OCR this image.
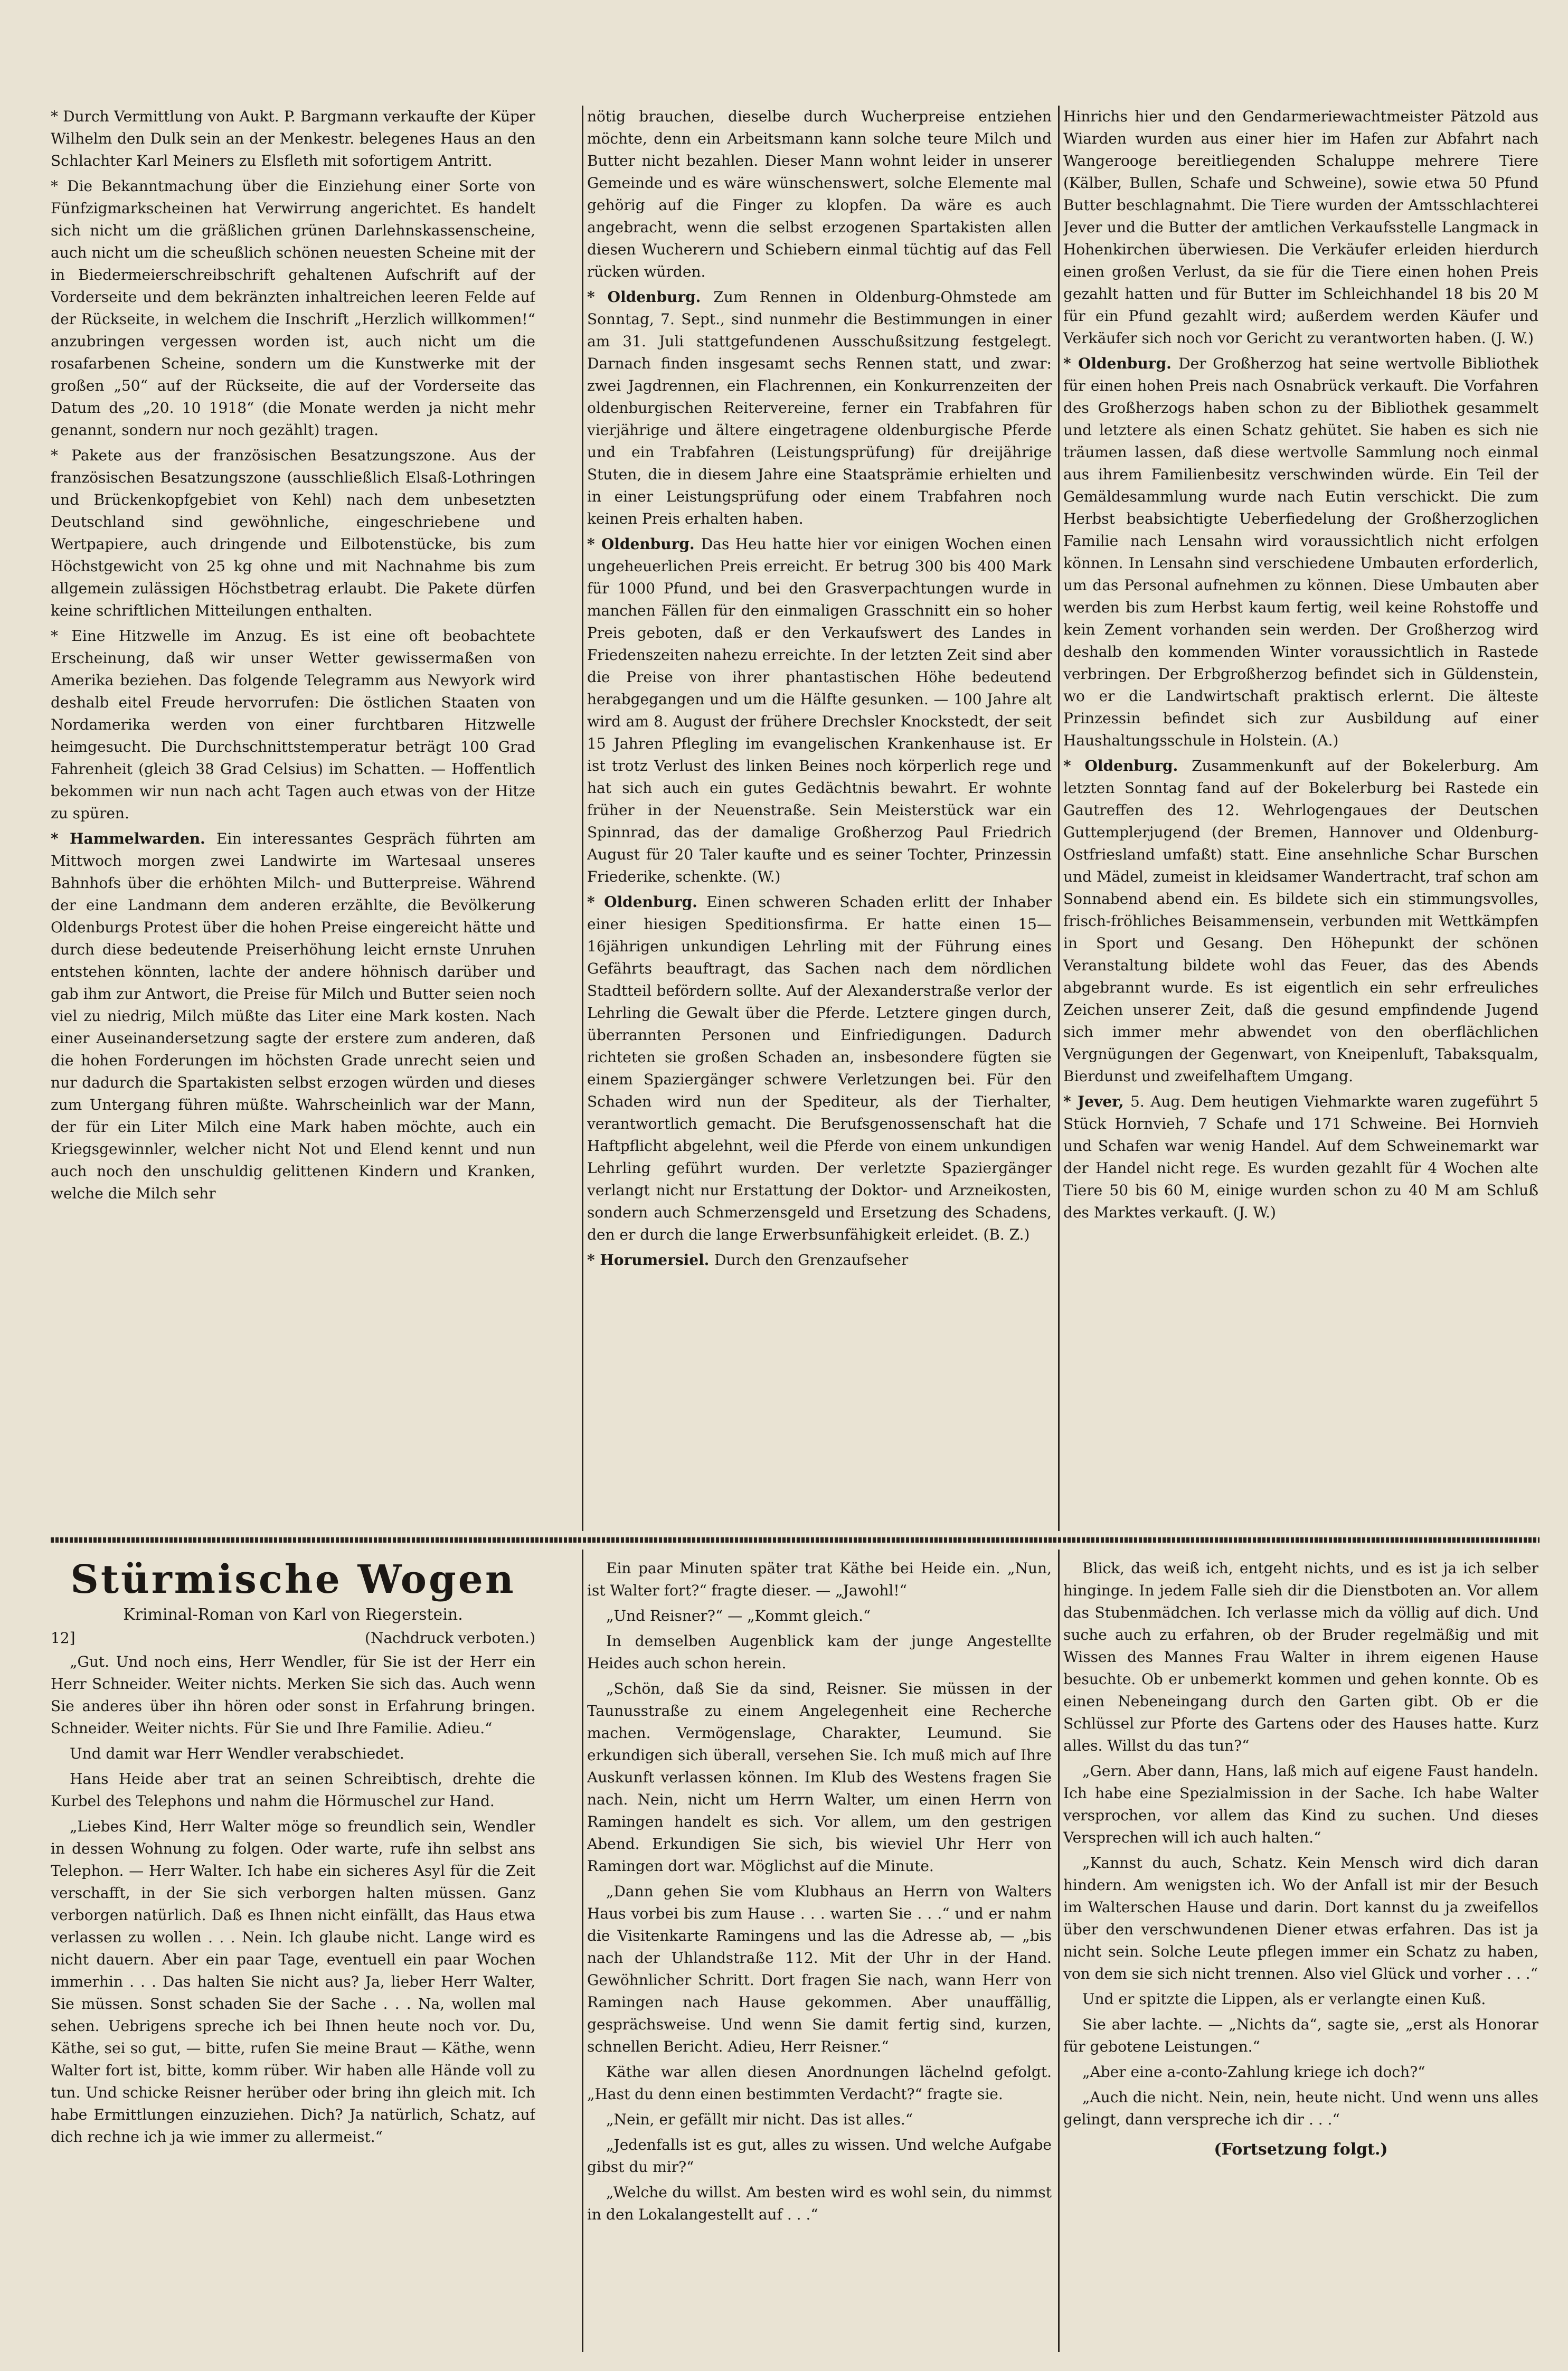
* Durch Vermittlung von Aukt. P. Bargmann verkaufte der Küper Wilhelm den Dulk sein an der Menkestr. belegenes Haus an den Schlachter Karl Meiners zu Elsfleth mit sofortigem Antritt.

* Die Bekanntmachung über die Einziehung einer Sorte von Fünfzigmarkscheinen hat Verwirrung angerichtet. Es handelt sich nicht um die gräßlichen grünen Darlehnskassenscheine, auch nicht um die scheußlich schönen neuesten Scheine mit der in Biedermeierschreibschrift gehaltenen Aufschrift auf der Vorderseite und dem bekränzten inhaltreichen leeren Felde auf der Rückseite, in welchem die Inschrift „Herzlich willkommen!“ anzubringen vergessen worden ist, auch nicht um die rosafarbenen Scheine, sondern um die Kunstwerke mit der großen „50“ auf der Rückseite, die auf der Vorderseite das Datum des „20. 10 1918“ (die Monate werden ja nicht mehr genannt, sondern nur noch gezählt) tragen.

* Pakete aus der französischen Besatzungszone. Aus der französischen Besatzungszone (ausschließlich Elsaß-Lothringen und Brückenkopfgebiet von Kehl) nach dem unbesetzten Deutschland sind gewöhnliche, eingeschriebene und Wertpapiere, auch dringende und Eilbotenstücke, bis zum Höchstgewicht von 25 kg ohne und mit Nachnahme bis zum allgemein zulässigen Höchstbetrag erlaubt. Die Pakete dürfen keine schriftlichen Mitteilungen enthalten.

* Eine Hitzwelle im Anzug. Es ist eine oft beobachtete Erscheinung, daß wir unser Wetter gewissermaßen von Amerika beziehen. Das folgende Telegramm aus Newyork wird deshalb eitel Freude hervorrufen: Die östlichen Staaten von Nordamerika werden von einer furchtbaren Hitzwelle heimgesucht. Die Durchschnittstemperatur beträgt 100 Grad Fahrenheit (gleich 38 Grad Celsius) im Schatten. — Hoffentlich bekommen wir nun nach acht Tagen auch etwas von der Hitze zu spüren.

* Hammelwarden. Ein interessantes Gespräch führten am Mittwoch morgen zwei Landwirte im Wartesaal unseres Bahnhofs über die erhöhten Milch- und Butterpreise. Während der eine Landmann dem anderen erzählte, die Bevölkerung Oldenburgs Protest über die hohen Preise eingereicht hätte und durch diese bedeutende Preiserhöhung leicht ernste Unruhen entstehen könnten, lachte der andere höhnisch darüber und gab ihm zur Antwort, die Preise für Milch und Butter seien noch viel zu niedrig, Milch müßte das Liter eine Mark kosten. Nach einer Auseinandersetzung sagte der erstere zum anderen, daß die hohen Forderungen im höchsten Grade unrecht seien und nur dadurch die Spartakisten selbst erzogen würden und dieses zum Untergang führen müßte. Wahrscheinlich war der Mann, der für ein Liter Milch eine Mark haben möchte, auch ein Kriegsgewinnler, welcher nicht Not und Elend kennt und nun auch noch den unschuldig gelittenen Kindern und Kranken, welche die Milch sehr

nötig brauchen, dieselbe durch Wucherpreise entziehen möchte, denn ein Arbeitsmann kann solche teure Milch und Butter nicht bezahlen. Dieser Mann wohnt leider in unserer Gemeinde und es wäre wünschenswert, solche Elemente mal gehörig auf die Finger zu klopfen. Da wäre es auch angebracht, wenn die selbst erzogenen Spartakisten allen diesen Wucherern und Schiebern einmal tüchtig auf das Fell rücken würden.

* Oldenburg. Zum Rennen in Oldenburg-Ohmstede am Sonntag, 7. Sept., sind nunmehr die Bestimmungen in einer am 31. Juli stattgefundenen Ausschußsitzung festgelegt. Darnach finden insgesamt sechs Rennen statt, und zwar: zwei Jagdrennen, ein Flachrennen, ein Konkurrenzeiten der oldenburgischen Reitervereine, ferner ein Trabfahren für vierjährige und ältere eingetragene oldenburgische Pferde und ein Trabfahren (Leistungsprüfung) für dreijährige Stuten, die in diesem Jahre eine Staatsprämie erhielten und in einer Leistungsprüfung oder einem Trabfahren noch keinen Preis erhalten haben.

* Oldenburg. Das Heu hatte hier vor einigen Wochen einen ungeheuerlichen Preis erreicht. Er betrug 300 bis 400 Mark für 1000 Pfund, und bei den Grasverpachtungen wurde in manchen Fällen für den einmaligen Grasschnitt ein so hoher Preis geboten, daß er den Verkaufswert des Landes in Friedenszeiten nahezu erreichte. In der letzten Zeit sind aber die Preise von ihrer phantastischen Höhe bedeutend herabgegangen und um die Hälfte gesunken. — 100 Jahre alt wird am 8. August der frühere Drechsler Knockstedt, der seit 15 Jahren Pflegling im evangelischen Krankenhause ist. Er ist trotz Verlust des linken Beines noch körperlich rege und hat sich auch ein gutes Gedächtnis bewahrt. Er wohnte früher in der Neuenstraße. Sein Meisterstück war ein Spinnrad, das der damalige Großherzog Paul Friedrich August für 20 Taler kaufte und es seiner Tochter, Prinzessin Friederike, schenkte. (W.)

* Oldenburg. Einen schweren Schaden erlitt der Inhaber einer hiesigen Speditionsfirma. Er hatte einen 15—16jährigen unkundigen Lehrling mit der Führung eines Gefährts beauftragt, das Sachen nach dem nördlichen Stadtteil befördern sollte. Auf der Alexanderstraße verlor der Lehrling die Gewalt über die Pferde. Letztere gingen durch, überrannten Personen und Einfriedigungen. Dadurch richteten sie großen Schaden an, insbesondere fügten sie einem Spaziergänger schwere Verletzungen bei. Für den Schaden wird nun der Spediteur, als der Tierhalter, verantwortlich gemacht. Die Berufsgenossenschaft hat die Haftpflicht abgelehnt, weil die Pferde von einem unkundigen Lehrling geführt wurden. Der verletzte Spaziergänger verlangt nicht nur Erstattung der Doktor- und Arzneikosten, sondern auch Schmerzensgeld und Ersetzung des Schadens, den er durch die lange Erwerbsunfähigkeit erleidet. (B. Z.)

* Horumersiel. Durch den Grenzaufseher

Hinrichs hier und den Gendarmeriewachtmeister Pätzold aus Wiarden wurden aus einer hier im Hafen zur Abfahrt nach Wangerooge bereitliegenden Schaluppe mehrere Tiere (Kälber, Bullen, Schafe und Schweine), sowie etwa 50 Pfund Butter beschlagnahmt. Die Tiere wurden der Amtsschlachterei Jever und die Butter der amtlichen Verkaufsstelle Langmack in Hohenkirchen überwiesen. Die Verkäufer erleiden hierdurch einen großen Verlust, da sie für die Tiere einen hohen Preis gezahlt hatten und für Butter im Schleichhandel 18 bis 20 M für ein Pfund gezahlt wird; außerdem werden Käufer und Verkäufer sich noch vor Gericht zu verantworten haben. (J. W.)

* Oldenburg. Der Großherzog hat seine wertvolle Bibliothek für einen hohen Preis nach Osnabrück verkauft. Die Vorfahren des Großherzogs haben schon zu der Bibliothek gesammelt und letztere als einen Schatz gehütet. Sie haben es sich nie träumen lassen, daß diese wertvolle Sammlung noch einmal aus ihrem Familienbesitz verschwinden würde. Ein Teil der Gemäldesammlung wurde nach Eutin verschickt. Die zum Herbst beabsichtigte Ueberfiedelung der Großherzoglichen Familie nach Lensahn wird voraussichtlich nicht erfolgen können. In Lensahn sind verschiedene Umbauten erforderlich, um das Personal aufnehmen zu können. Diese Umbauten aber werden bis zum Herbst kaum fertig, weil keine Rohstoffe und kein Zement vorhanden sein werden. Der Großherzog wird deshalb den kommenden Winter voraussichtlich in Rastede verbringen. Der Erbgroßherzog befindet sich in Güldenstein, wo er die Landwirtschaft praktisch erlernt. Die älteste Prinzessin befindet sich zur Ausbildung auf einer Haushaltungsschule in Holstein. (A.)

* Oldenburg. Zusammenkunft auf der Bokelerburg. Am letzten Sonntag fand auf der Bokelerburg bei Rastede ein Gautreffen des 12. Wehrlogengaues der Deutschen Guttemplerjugend (der Bremen, Hannover und Oldenburg-Ostfriesland umfaßt) statt. Eine ansehnliche Schar Burschen und Mädel, zumeist in kleidsamer Wandertracht, traf schon am Sonnabend abend ein. Es bildete sich ein stimmungsvolles, frisch-fröhliches Beisammensein, verbunden mit Wettkämpfen in Sport und Gesang. Den Höhepunkt der schönen Veranstaltung bildete wohl das Feuer, das des Abends abgebrannt wurde. Es ist eigentlich ein sehr erfreuliches Zeichen unserer Zeit, daß die gesund empfindende Jugend sich immer mehr abwendet von den oberflächlichen Vergnügungen der Gegenwart, von Kneipenluft, Tabaksqualm, Bierdunst und zweifelhaftem Umgang.

* Jever, 5. Aug. Dem heutigen Viehmarkte waren zugeführt 5 Stück Hornvieh, 7 Schafe und 171 Schweine. Bei Hornvieh und Schafen war wenig Handel. Auf dem Schweinemarkt war der Handel nicht rege. Es wurden gezahlt für 4 Wochen alte Tiere 50 bis 60 M, einige wurden schon zu 40 M am Schluß des Marktes verkauft. (J. W.)

Stürmische Wogen
Kriminal-Roman von Karl von Riegerstein.
12]	(Nachdruck verboten.)

„Gut. Und noch eins, Herr Wendler, für Sie ist der Herr ein Herr Schneider. Weiter nichts. Merken Sie sich das. Auch wenn Sie anderes über ihn hören oder sonst in Erfahrung bringen. Schneider. Weiter nichts. Für Sie und Ihre Familie. Adieu.“

Und damit war Herr Wendler verabschiedet.

Hans Heide aber trat an seinen Schreibtisch, drehte die Kurbel des Telephons und nahm die Hörmuschel zur Hand.

„Liebes Kind, Herr Walter möge so freundlich sein, Wendler in dessen Wohnung zu folgen. Oder warte, rufe ihn selbst ans Telephon. — Herr Walter. Ich habe ein sicheres Asyl für die Zeit verschafft, in der Sie sich verborgen halten müssen. Ganz verborgen natürlich. Daß es Ihnen nicht einfällt, das Haus etwa verlassen zu wollen . . . Nein. Ich glaube nicht. Lange wird es nicht dauern. Aber ein paar Tage, eventuell ein paar Wochen immerhin . . . Das halten Sie nicht aus? Ja, lieber Herr Walter, Sie müssen. Sonst schaden Sie der Sache . . . Na, wollen mal sehen. Uebrigens spreche ich bei Ihnen heute noch vor. Du, Käthe, sei so gut, — bitte, rufen Sie meine Braut — Käthe, wenn Walter fort ist, bitte, komm rüber. Wir haben alle Hände voll zu tun. Und schicke Reisner herüber oder bring ihn gleich mit. Ich habe Ermittlungen einzuziehen. Dich? Ja natürlich, Schatz, auf dich rechne ich ja wie immer zu allermeist.“

Ein paar Minuten später trat Käthe bei Heide ein. „Nun, ist Walter fort?“ fragte dieser. — „Jawohl!“

„Und Reisner?“ — „Kommt gleich.“

In demselben Augenblick kam der junge Angestellte Heides auch schon herein.

„Schön, daß Sie da sind, Reisner. Sie müssen in der Taunusstraße zu einem Angelegenheit eine Recherche machen. Vermögenslage, Charakter, Leumund. Sie erkundigen sich überall, versehen Sie. Ich muß mich auf Ihre Auskunft verlassen können. Im Klub des Westens fragen Sie nach. Nein, nicht um Herrn Walter, um einen Herrn von Ramingen handelt es sich. Vor allem, um den gestrigen Abend. Erkundigen Sie sich, bis wieviel Uhr Herr von Ramingen dort war. Möglichst auf die Minute.

„Dann gehen Sie vom Klubhaus an Herrn von Walters Haus vorbei bis zum Hause . . . warten Sie . . .“ und er nahm die Visitenkarte Ramingens und las die Adresse ab, — „bis nach der Uhlandstraße 112. Mit der Uhr in der Hand. Gewöhnlicher Schritt. Dort fragen Sie nach, wann Herr von Ramingen nach Hause gekommen. Aber unauffällig, gesprächsweise. Und wenn Sie damit fertig sind, kurzen, schnellen Bericht. Adieu, Herr Reisner.“

Käthe war allen diesen Anordnungen lächelnd gefolgt. „Hast du denn einen bestimmten Verdacht?“ fragte sie.

„Nein, er gefällt mir nicht. Das ist alles.“

„Jedenfalls ist es gut, alles zu wissen. Und welche Aufgabe gibst du mir?“

„Welche du willst. Am besten wird es wohl sein, du nimmst in den Lokalangestellt auf . . .“

Blick, das weiß ich, entgeht nichts, und es ist ja ich selber hinginge. In jedem Falle sieh dir die Dienstboten an. Vor allem das Stubenmädchen. Ich verlasse mich da völlig auf dich. Und suche auch zu erfahren, ob der Bruder regelmäßig und mit Wissen des Mannes Frau Walter in ihrem eigenen Hause besuchte. Ob er unbemerkt kommen und gehen konnte. Ob es einen Nebeneingang durch den Garten gibt. Ob er die Schlüssel zur Pforte des Gartens oder des Hauses hatte. Kurz alles. Willst du das tun?“

„Gern. Aber dann, Hans, laß mich auf eigene Faust handeln. Ich habe eine Spezialmission in der Sache. Ich habe Walter versprochen, vor allem das Kind zu suchen. Und dieses Versprechen will ich auch halten.“

„Kannst du auch, Schatz. Kein Mensch wird dich daran hindern. Am wenigsten ich. Wo der Anfall ist mir der Besuch im Walterschen Hause und darin. Dort kannst du ja zweifellos über den verschwundenen Diener etwas erfahren. Das ist ja nicht sein. Solche Leute pflegen immer ein Schatz zu haben, von dem sie sich nicht trennen. Also viel Glück und vorher . . .“

Und er spitzte die Lippen, als er verlangte einen Kuß.

Sie aber lachte. — „Nichts da“, sagte sie, „erst als Honorar für gebotene Leistungen.“

„Aber eine a-conto-Zahlung kriege ich doch?“

„Auch die nicht. Nein, nein, heute nicht. Und wenn uns alles gelingt, dann verspreche ich dir . . .“

(Fortsetzung folgt.)
